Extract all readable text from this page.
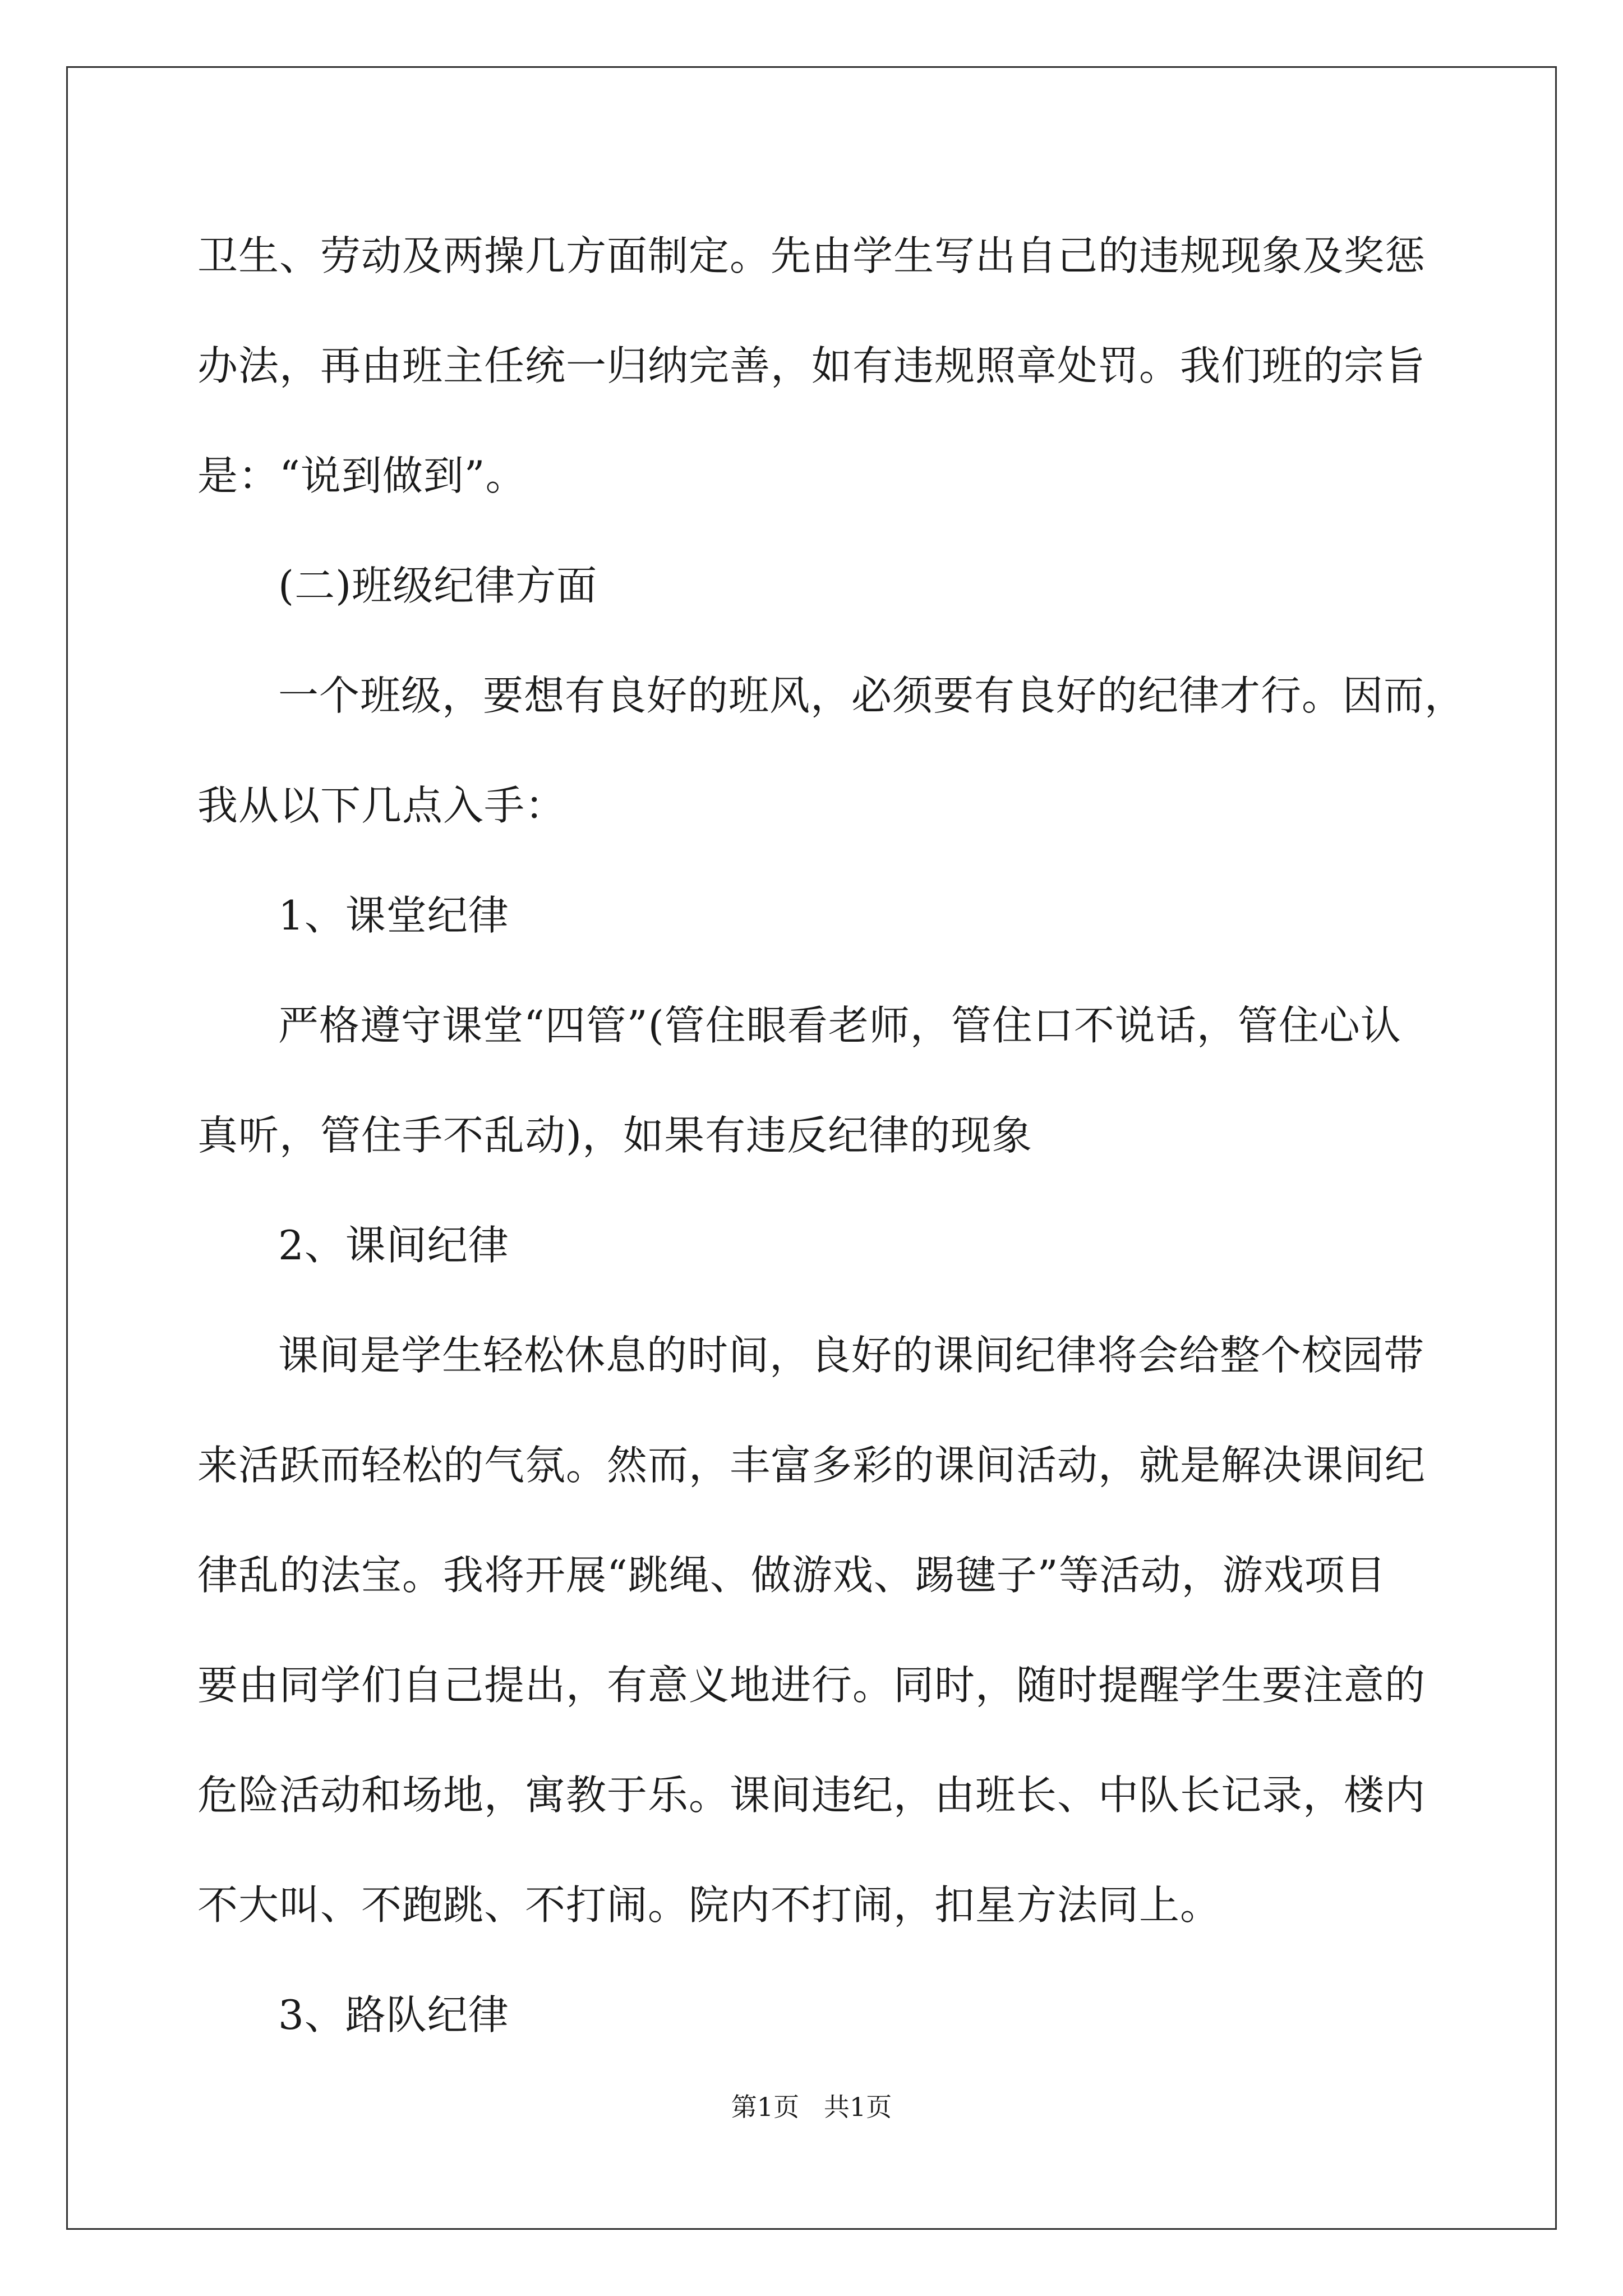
卫生、劳动及两操几方面制定。先由学生写出自己的违规现象及奖惩
办法，再由班主任统一归纳完善，如有违规照章处罚。我们班的宗旨
是：“说到做到”。
(二)班级纪律方面
一个班级，要想有良好的班风，必须要有良好的纪律才行。因而，
我从以下几点入手：
1、课堂纪律
严格遵守课堂“四管”(管住眼看老师，管住口不说话，管住心认
真听，管住手不乱动)，如果有违反纪律的现象
2、课间纪律
课间是学生轻松休息的时间，良好的课间纪律将会给整个校园带
来活跃而轻松的气氛。然而，丰富多彩的课间活动，就是解决课间纪
律乱的法宝。我将开展“跳绳、做游戏、踢毽子”等活动，游戏项目
要由同学们自己提出，有意义地进行。同时，随时提醒学生要注意的
危险活动和场地，寓教于乐。课间违纪，由班长、中队长记录，楼内
不大叫、不跑跳、不打闹。院内不打闹，扣星方法同上。
3、路队纪律
第1页   共1页
